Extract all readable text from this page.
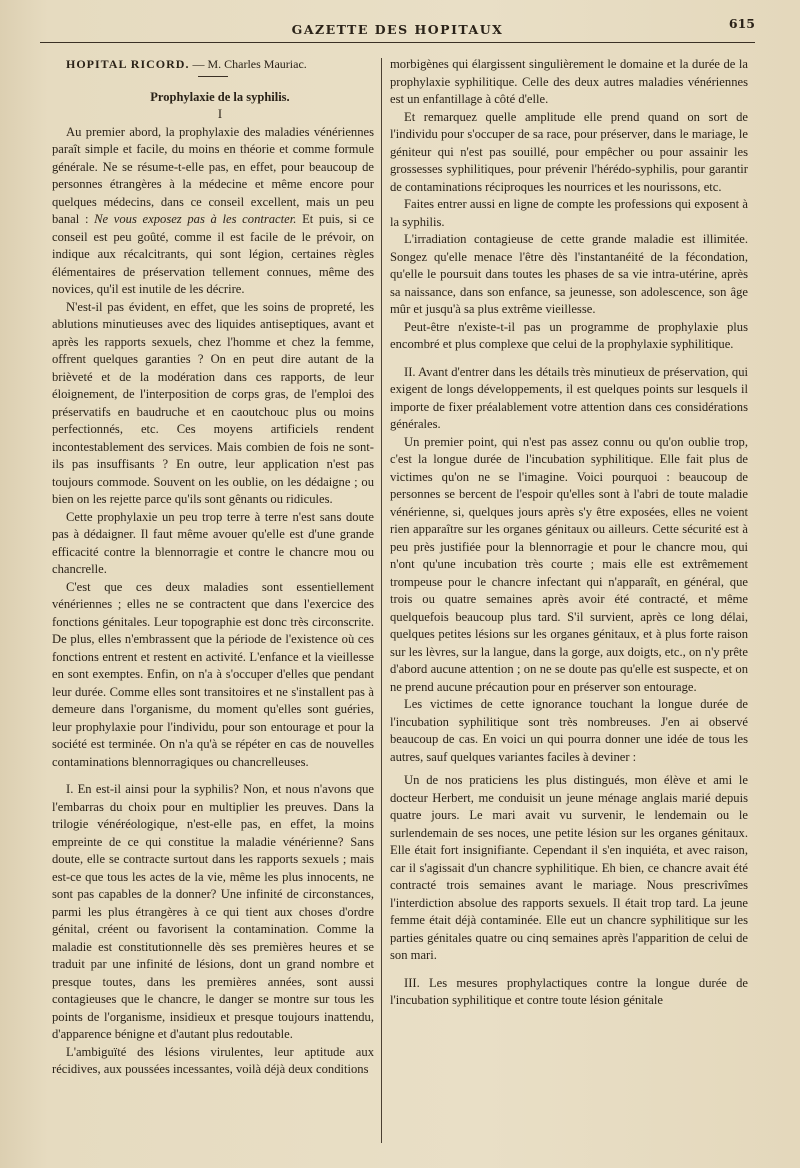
GAZETTE DES HOPITAUX	615

HOPITAL RICORD. — M. Charles Mauriac.

Prophylaxie de la syphilis.

I

Au premier abord, la prophylaxie des maladies vénériennes paraît simple et facile, du moins en théorie et comme formule générale. Ne se résume-t-elle pas, en effet, pour beaucoup de personnes étrangères à la médecine et même encore pour quelques médecins, dans ce conseil excellent, mais un peu banal : Ne vous exposez pas à les contracter. Et puis, si ce conseil est peu goûté, comme il est facile de le prévoir, on indique aux récalcitrants, qui sont légion, certaines règles élémentaires de préservation tellement connues, même des novices, qu'il est inutile de les décrire.

N'est-il pas évident, en effet, que les soins de propreté, les ablutions minutieuses avec des liquides antiseptiques, avant et après les rapports sexuels, chez l'homme et chez la femme, offrent quelques garanties ? On en peut dire autant de la brièveté et de la modération dans ces rapports, de leur éloignement, de l'interposition de corps gras, de l'emploi des préservatifs en baudruche et en caoutchouc plus ou moins perfectionnés, etc. Ces moyens artificiels rendent incontestablement des services. Mais combien de fois ne sont-ils pas insuffisants ? En outre, leur application n'est pas toujours commode. Souvent on les oublie, on les dédaigne ; ou bien on les rejette parce qu'ils sont gênants ou ridicules.

Cette prophylaxie un peu trop terre à terre n'est sans doute pas à dédaigner. Il faut même avouer qu'elle est d'une grande efficacité contre la blennorragie et contre le chancre mou ou chancrelle.

C'est que ces deux maladies sont essentiellement vénériennes ; elles ne se contractent que dans l'exercice des fonctions génitales. Leur topographie est donc très circonscrite. De plus, elles n'embrassent que la période de l'existence où ces fonctions entrent et restent en activité. L'enfance et la vieillesse en sont exemptes. Enfin, on n'a à s'occuper d'elles que pendant leur durée. Comme elles sont transitoires et ne s'installent pas à demeure dans l'organisme, du moment qu'elles sont guéries, leur prophylaxie pour l'individu, pour son entourage et pour la société est terminée. On n'a qu'à se répéter en cas de nouvelles contaminations blennorragiques ou chancrelleuses.

I. En est-il ainsi pour la syphilis? Non, et nous n'avons que l'embarras du choix pour en multiplier les preuves. Dans la trilogie vénéréologique, n'est-elle pas, en effet, la moins empreinte de ce qui constitue la maladie vénérienne? Sans doute, elle se contracte surtout dans les rapports sexuels ; mais est-ce que tous les actes de la vie, même les plus innocents, ne sont pas capables de la donner? Une infinité de circonstances, parmi les plus étrangères à ce qui tient aux choses d'ordre génital, créent ou favorisent la contamination. Comme la maladie est constitutionnelle dès ses premières heures et se traduit par une infinité de lésions, dont un grand nombre et presque toutes, dans les premières années, sont aussi contagieuses que le chancre, le danger se montre sur tous les points de l'organisme, insidieux et presque toujours inattendu, d'apparence bénigne et d'autant plus redoutable.

L'ambiguïté des lésions virulentes, leur aptitude aux récidives, aux poussées incessantes, voilà déjà deux conditions

morbigènes qui élargissent singulièrement le domaine et la durée de la prophylaxie syphilitique. Celle des deux autres maladies vénériennes est un enfantillage à côté d'elle.

Et remarquez quelle amplitude elle prend quand on sort de l'individu pour s'occuper de sa race, pour préserver, dans le mariage, le géniteur qui n'est pas souillé, pour empêcher ou pour assainir les grossesses syphilitiques, pour prévenir l'hérédo-syphilis, pour garantir de contaminations réciproques les nourrices et les nourissons, etc.

Faites entrer aussi en ligne de compte les professions qui exposent à la syphilis.

L'irradiation contagieuse de cette grande maladie est illimitée. Songez qu'elle menace l'être dès l'instantanéité de la fécondation, qu'elle le poursuit dans toutes les phases de sa vie intra-utérine, après sa naissance, dans son enfance, sa jeunesse, son adolescence, son âge mûr et jusqu'à sa plus extrême vieillesse.

Peut-être n'existe-t-il pas un programme de prophylaxie plus encombré et plus complexe que celui de la prophylaxie syphilitique.

II. Avant d'entrer dans les détails très minutieux de préservation, qui exigent de longs développements, il est quelques points sur lesquels il importe de fixer préalablement votre attention dans ces considérations générales.

Un premier point, qui n'est pas assez connu ou qu'on oublie trop, c'est la longue durée de l'incubation syphilitique. Elle fait plus de victimes qu'on ne se l'imagine. Voici pourquoi : beaucoup de personnes se bercent de l'espoir qu'elles sont à l'abri de toute maladie vénérienne, si, quelques jours après s'y être exposées, elles ne voient rien apparaître sur les organes génitaux ou ailleurs. Cette sécurité est à peu près justifiée pour la blennorragie et pour le chancre mou, qui n'ont qu'une incubation très courte ; mais elle est extrêmement trompeuse pour le chancre infectant qui n'apparaît, en général, que trois ou quatre semaines après avoir été contracté, et même quelquefois beaucoup plus tard. S'il survient, après ce long délai, quelques petites lésions sur les organes génitaux, et à plus forte raison sur les lèvres, sur la langue, dans la gorge, aux doigts, etc., on n'y prête d'abord aucune attention ; on ne se doute pas qu'elle est suspecte, et on ne prend aucune précaution pour en préserver son entourage.

Les victimes de cette ignorance touchant la longue durée de l'incubation syphilitique sont très nombreuses. J'en ai observé beaucoup de cas. En voici un qui pourra donner une idée de tous les autres, sauf quelques variantes faciles à deviner :

Un de nos praticiens les plus distingués, mon élève et ami le docteur Herbert, me conduisit un jeune ménage anglais marié depuis quatre jours. Le mari avait vu survenir, le lendemain ou le surlendemain de ses noces, une petite lésion sur les organes génitaux. Elle était fort insignifiante. Cependant il s'en inquiéta, et avec raison, car il s'agissait d'un chancre syphilitique. Eh bien, ce chancre avait été contracté trois semaines avant le mariage. Nous prescrivîmes l'interdiction absolue des rapports sexuels. Il était trop tard. La jeune femme était déjà contaminée. Elle eut un chancre syphilitique sur les parties génitales quatre ou cinq semaines après l'apparition de celui de son mari.

III. Les mesures prophylactiques contre la longue durée de l'incubation syphilitique et contre toute lésion génitale
